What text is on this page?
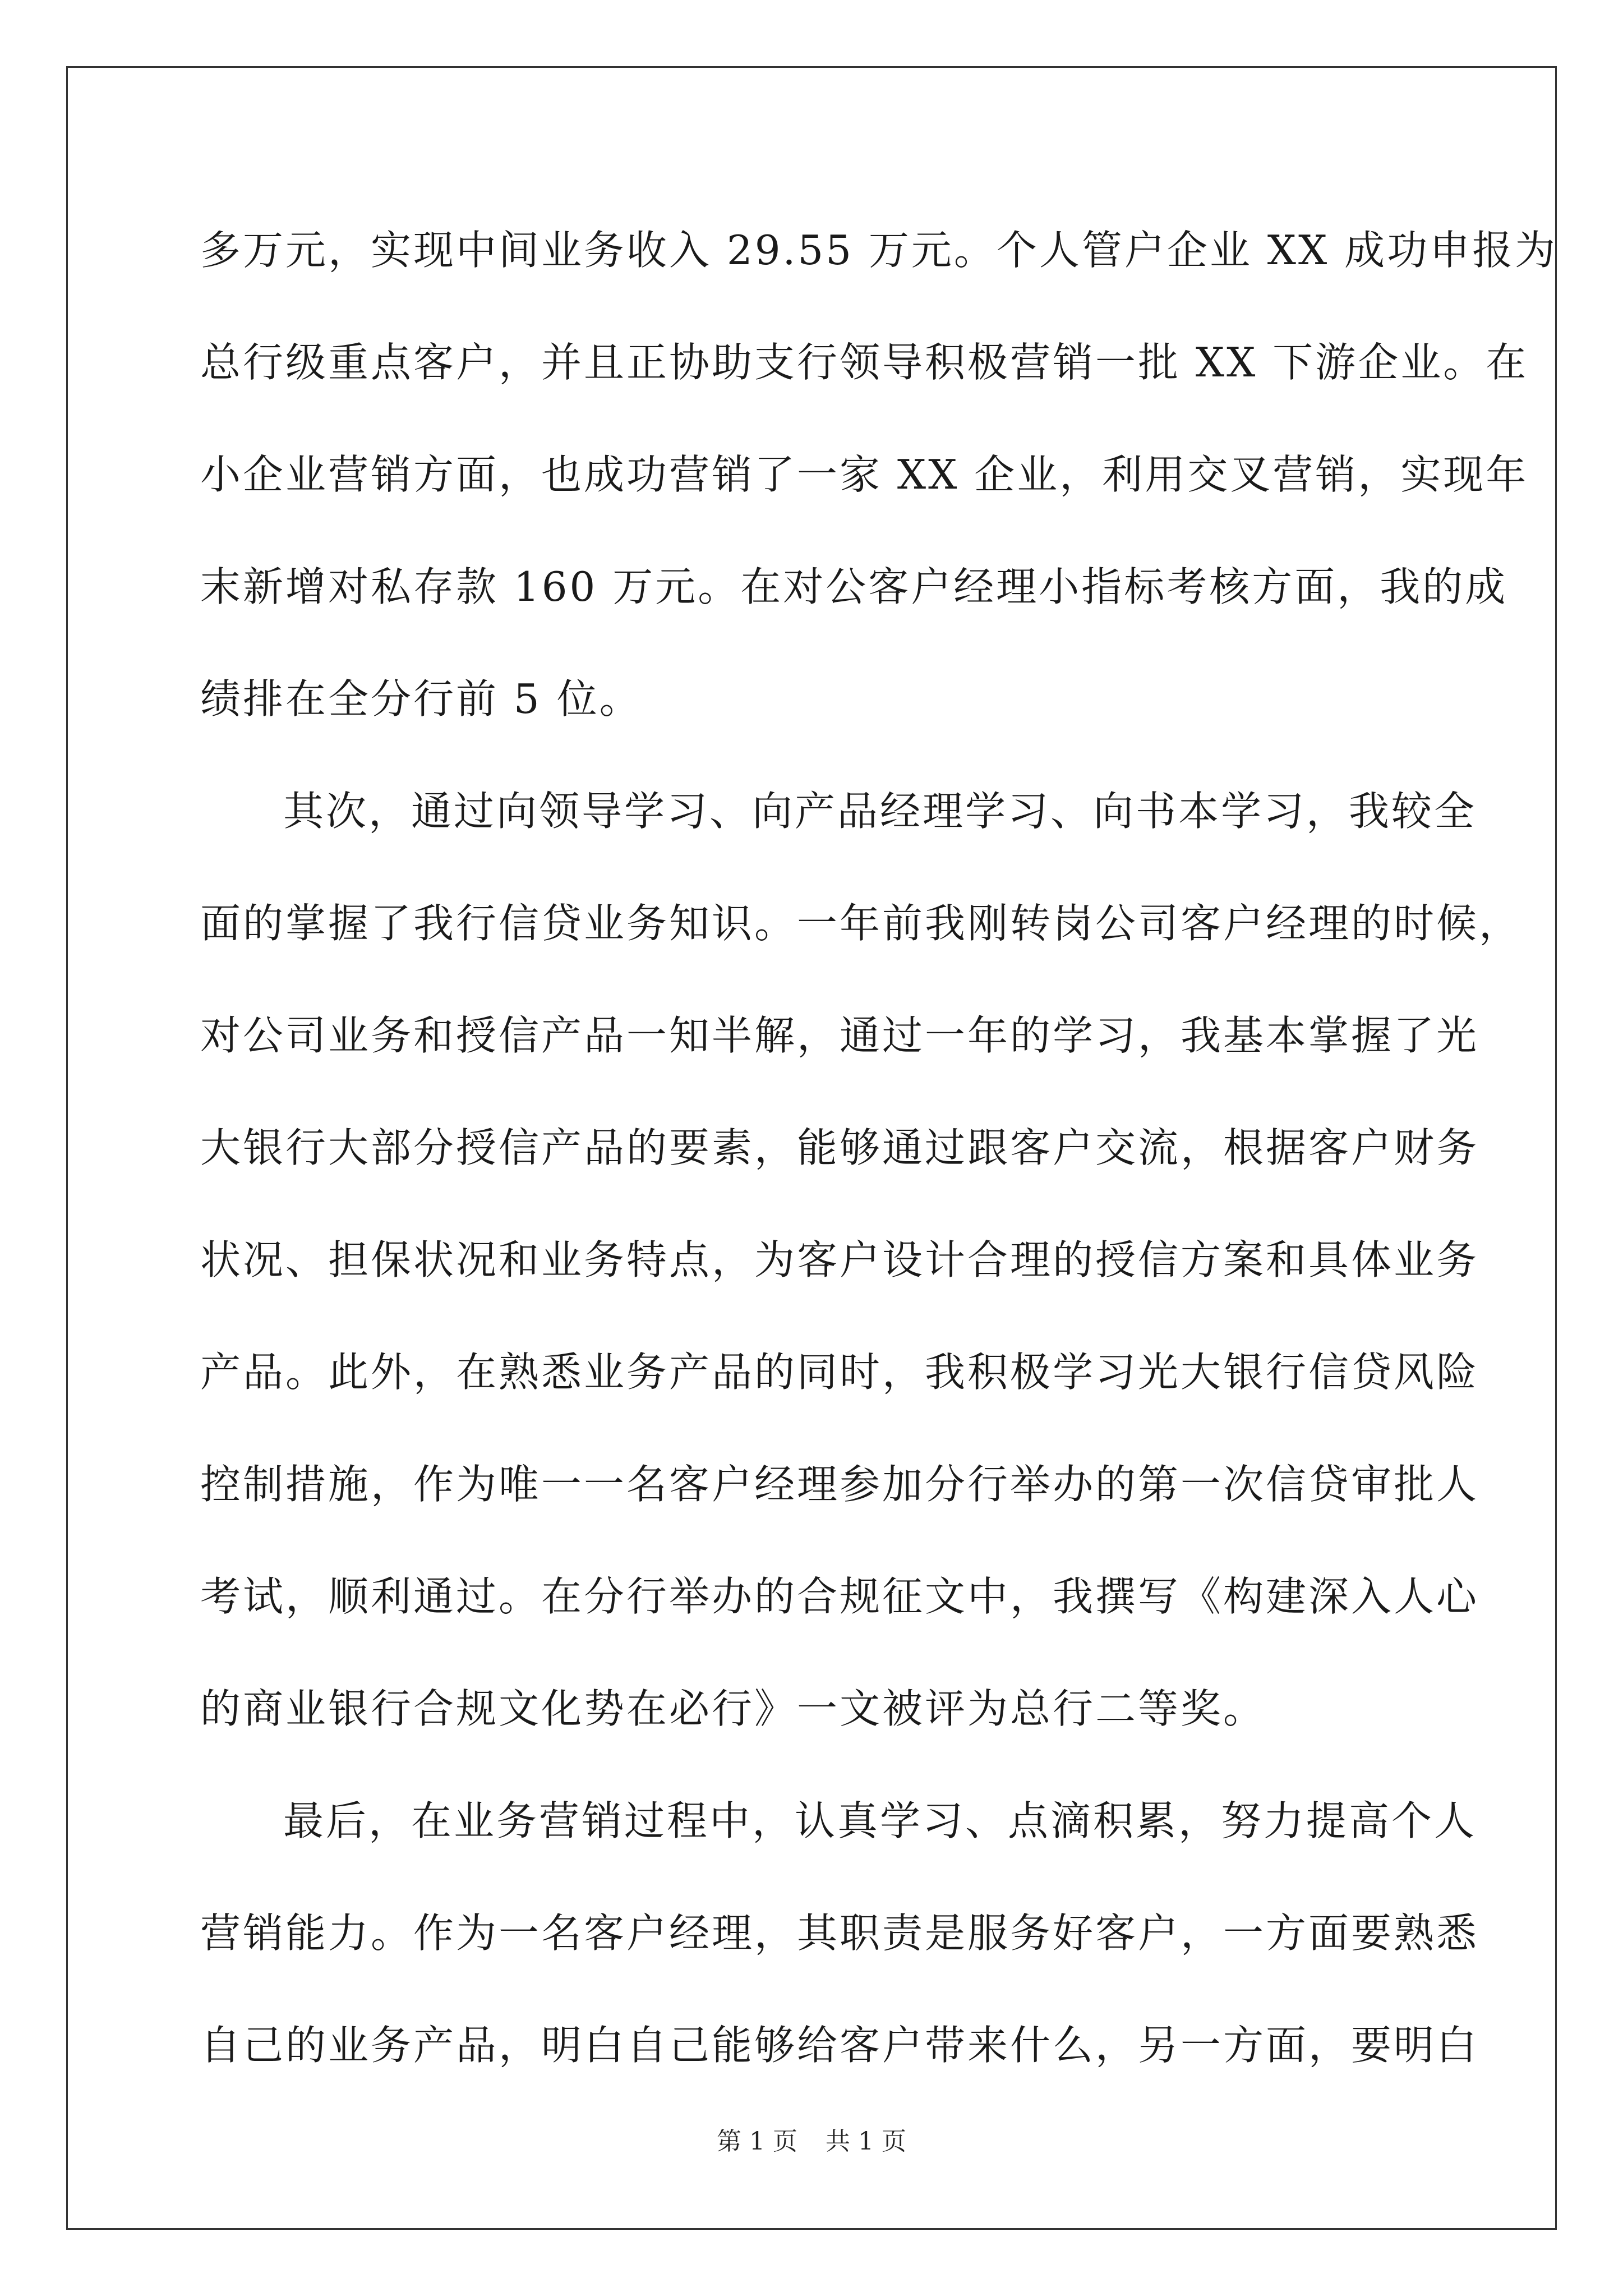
多万元，实现中间业务收入 29.55 万元。个人管户企业 XX 成功申报为
总行级重点客户，并且正协助支行领导积极营销一批 XX 下游企业。在
小企业营销方面，也成功营销了一家 XX 企业，利用交叉营销，实现年
末新增对私存款 160 万元。在对公客户经理小指标考核方面，我的成
绩排在全分行前 5 位。
其次，通过向领导学习、向产品经理学习、向书本学习，我较全
面的掌握了我行信贷业务知识。一年前我刚转岗公司客户经理的时候，
对公司业务和授信产品一知半解，通过一年的学习，我基本掌握了光
大银行大部分授信产品的要素，能够通过跟客户交流，根据客户财务
状况、担保状况和业务特点，为客户设计合理的授信方案和具体业务
产品。此外，在熟悉业务产品的同时，我积极学习光大银行信贷风险
控制措施，作为唯一一名客户经理参加分行举办的第一次信贷审批人
考试，顺利通过。在分行举办的合规征文中，我撰写《构建深入人心
的商业银行合规文化势在必行》一文被评为总行二等奖。
最后，在业务营销过程中，认真学习、点滴积累，努力提高个人
营销能力。作为一名客户经理，其职责是服务好客户，一方面要熟悉
自己的业务产品，明白自己能够给客户带来什么，另一方面，要明白
第 1 页 共 1 页
